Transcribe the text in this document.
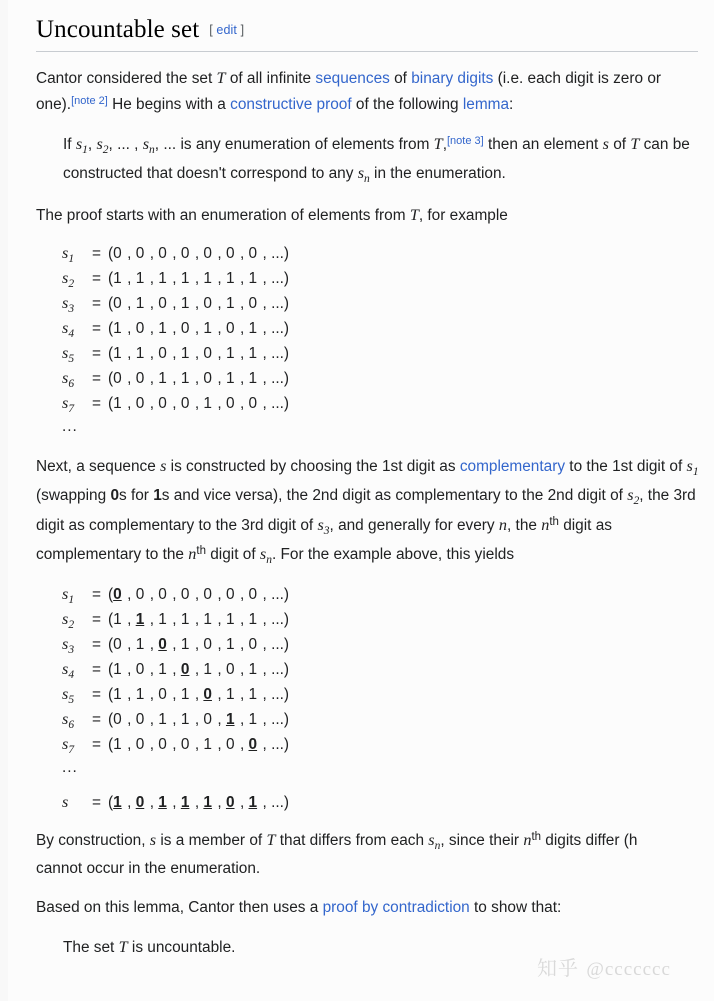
Uncountable set [ edit ]

Cantor considered the set T of all infinite sequences of binary digits (i.e. each digit is zero or one).[note 2] He begins with a constructive proof of the following lemma:

If $s_1$, $s_2$, ... , $s_n$, ... is any enumeration of elements from T,[note 3] then an element s of T can be constructed that doesn't correspond to any $s_n$ in the enumeration.

The proof starts with an enumeration of elements from T, for example

$s_1 = (0$ , 0 , 0 , 0 , 0 , 0 , 0 , ...)
$s_2 = (1$ , 1 , 1 , 1 , 1 , 1 , 1 , ...)
$s_3 = (0$ , 1 , 0 , 1 , 0 , 1 , 0 , ...)
$s_4 = (1$ , 0 , 1 , 0 , 1 , 0 , 1 , ...)
$s_5 = (1$ , 1 , 0 , 1 , 0 , 1 , 1 , ...)
$s_6 = (0$ , 0 , 1 , 1 , 0 , 1 , 1 , ...)
$s_7 = (1$ , 0 , 0 , 0 , 1 , 0 , 0 , ...)
...

Next, a sequence s is constructed by choosing the 1st digit as complementary to the 1st digit of $s_1$ (swapping 0s for 1s and vice versa), the 2nd digit as complementary to the 2nd digit of $s_2$, the 3rd digit as complementary to the 3rd digit of $s_3$, and generally for every n, the $n^{th}$ digit as complementary to the $n^{th}$ digit of $s_n$. For the example above, this yields

$s_1 = (0$ , 0 , 0 , 0 , 0 , 0 , 0 , ...)
$s_2 = (1$ , 1 , 1 , 1 , 1 , 1 , 1 , ...)
$s_3 = (0$ , 1 , 0 , 1 , 0 , 1 , 0 , ...)
$s_4 = (1$ , 0 , 1 , 0 , 1 , 0 , 1 , ...)
$s_5 = (1$ , 1 , 0 , 1 , 0 , 1 , 1 , ...)
$s_6 = (0$ , 0 , 1 , 1 , 0 , 1 , 1 , ...)
$s_7 = (1$ , 0 , 0 , 0 , 1 , 0 , 0 , ...)
...
s = (1 , 0 , 1 , 1 , 1 , 0 , 1 , ...)

By construction, s is a member of T that differs from each $s_n$, since their $n^{th}$ digits differ (h
cannot occur in the enumeration.

Based on this lemma, Cantor then uses a proof by contradiction to show that:

The set T is uncountable.

知乎 @ccccccc
